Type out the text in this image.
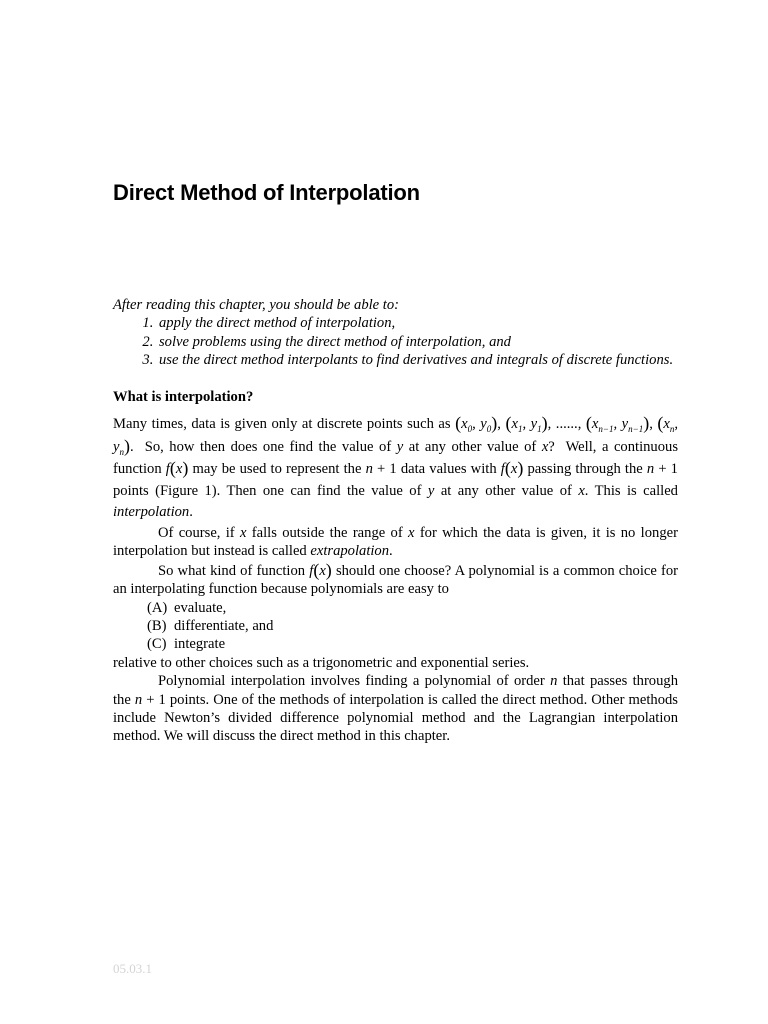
Direct Method of Interpolation

After reading this chapter, you should be able to:

1. apply the direct method of interpolation,
2. solve problems using the direct method of interpolation, and
3. use the direct method interpolants to find derivatives and integrals of discrete functions.
What is interpolation?

Many times, data is given only at discrete points such as ($x_0$, $y_0$), ($x_1$, $y_1$), ......, ($x_{n-1}$, $y_{n-1}$), ($x_n$, $y_n$).  So, how then does one find the value of y at any other value of x?  Well, a continuous function f(x) may be used to represent the n + 1 data values with f(x) passing through the n + 1 points (Figure 1). Then one can find the value of y at any other value of x. This is called interpolation.

Of course, if x falls outside the range of x for which the data is given, it is no longer interpolation but instead is called extrapolation.

So what kind of function f(x) should one choose? A polynomial is a common choice for an interpolating function because polynomials are easy to

(A) evaluate,
(B) differentiate, and
(C) integrate

relative to other choices such as a trigonometric and exponential series.

Polynomial interpolation involves finding a polynomial of order n that passes through the n + 1 points. One of the methods of interpolation is called the direct method. Other methods include Newton’s divided difference polynomial method and the Lagrangian interpolation method. We will discuss the direct method in this chapter.

05.03.1
